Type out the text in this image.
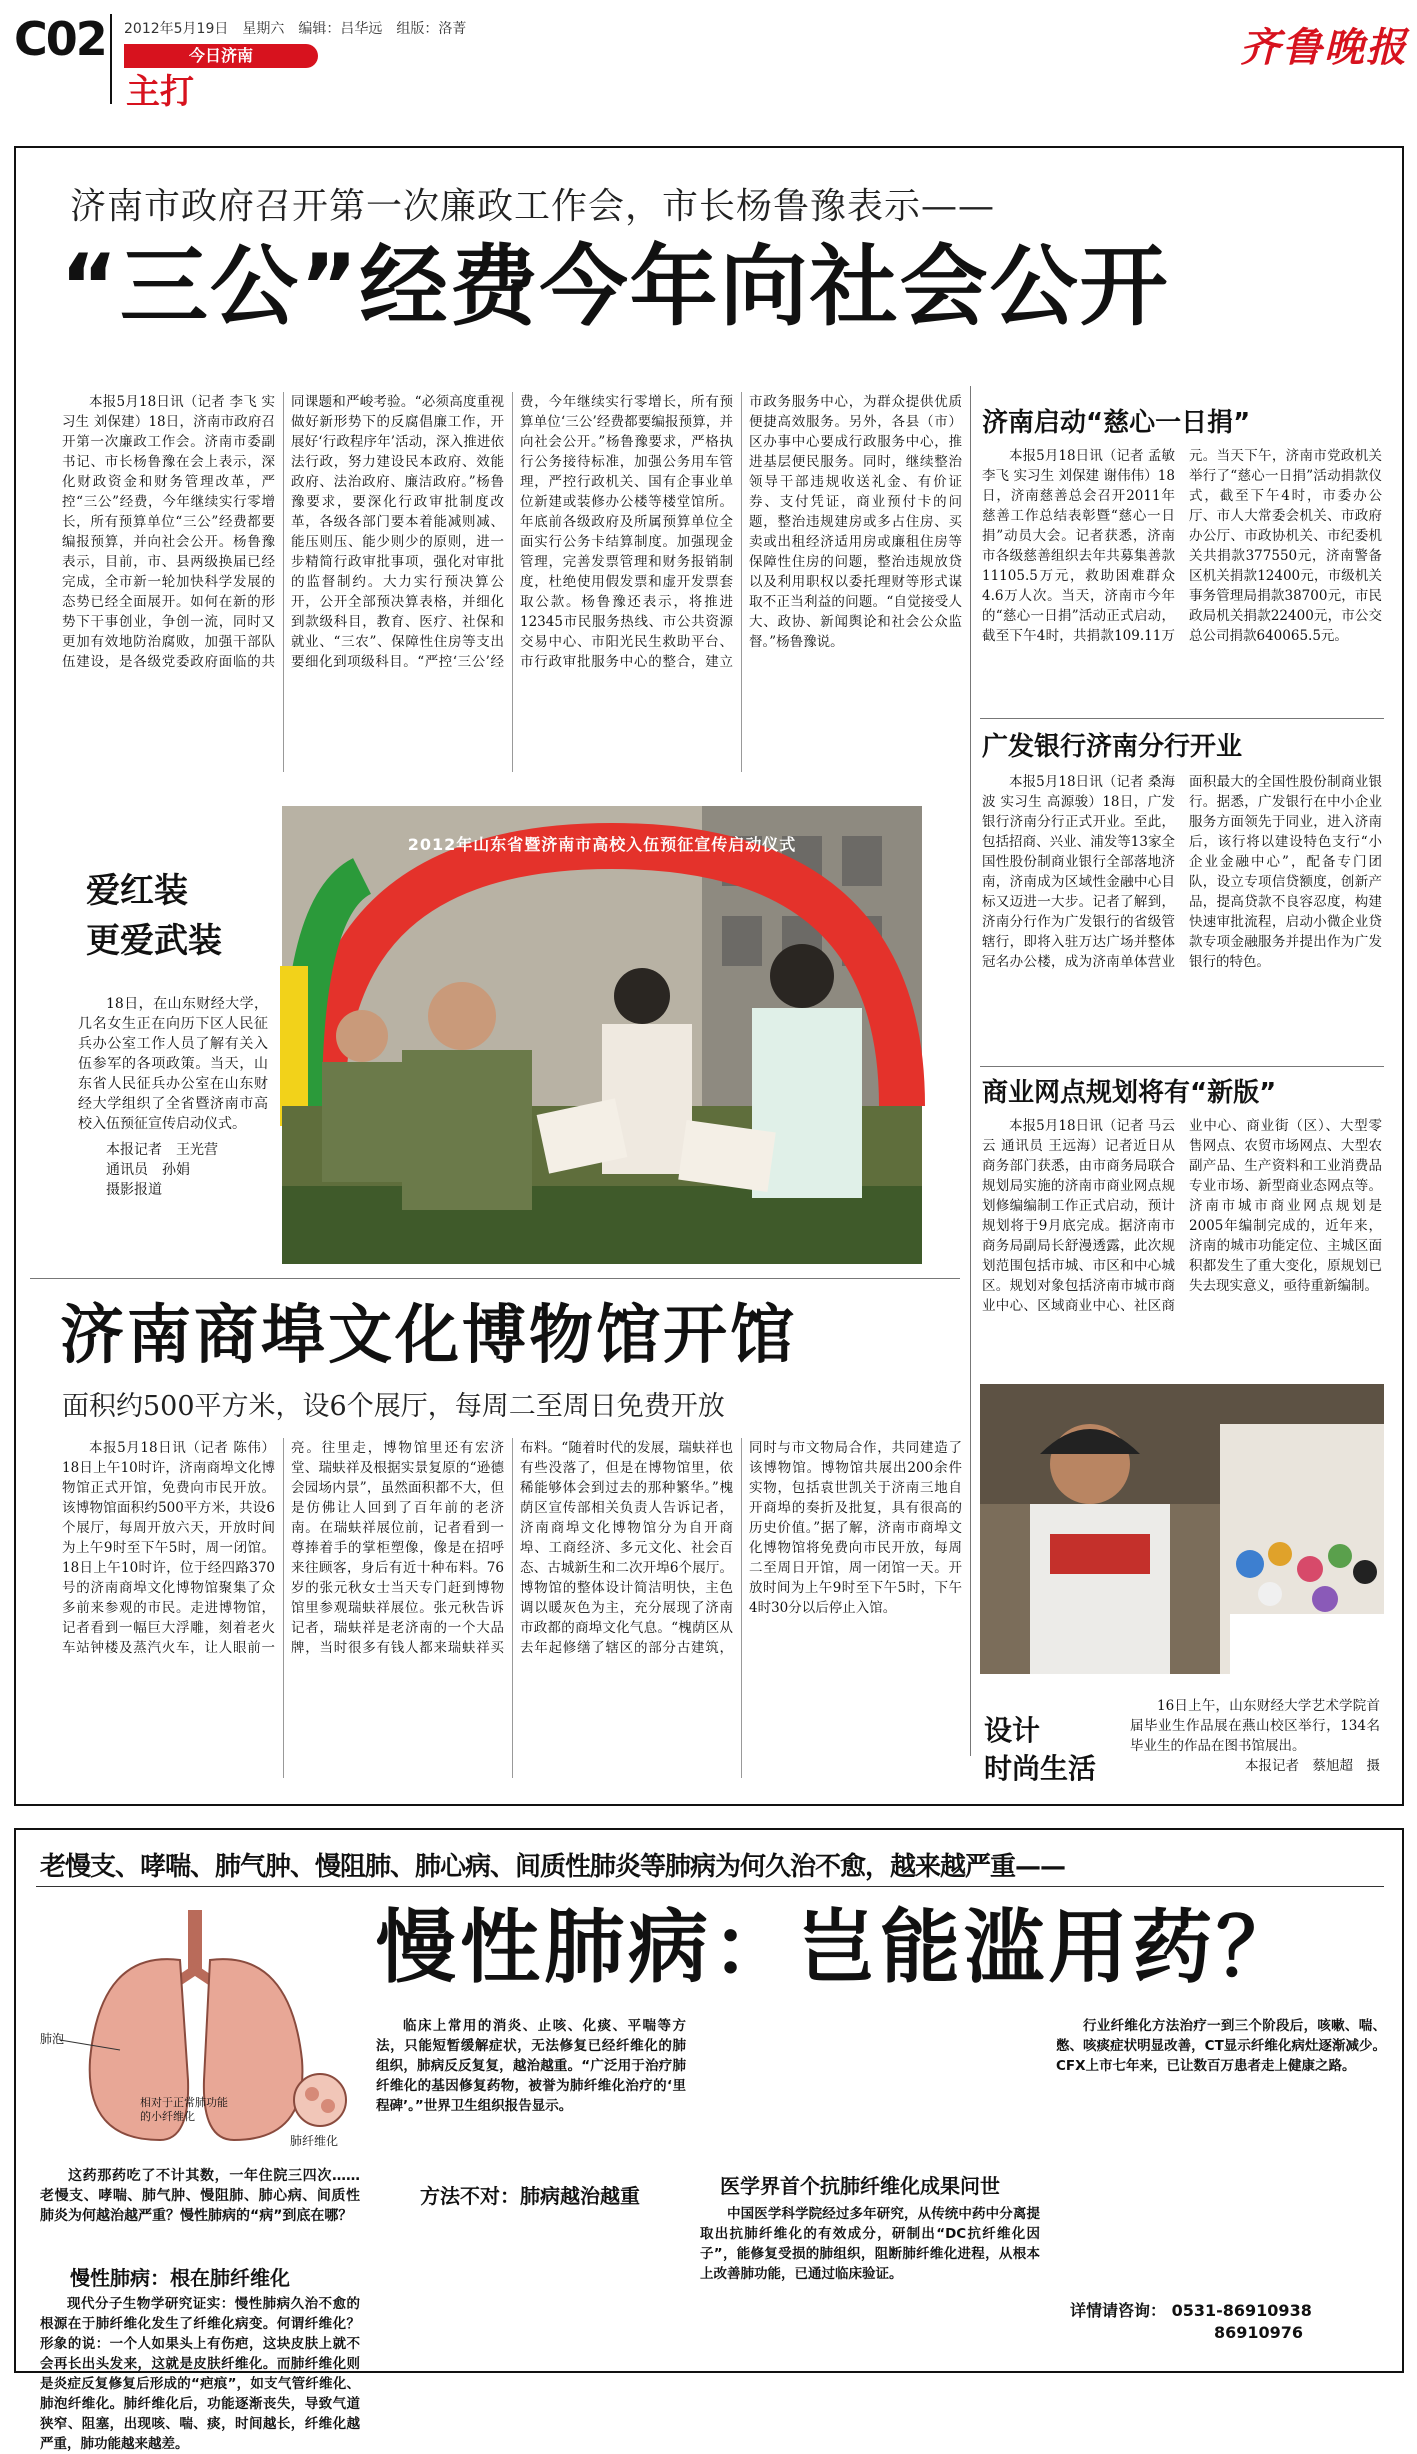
C02 2012年5月19日　星期六　编辑：吕华远　组版：洛菁
今日济南
主打
齐鲁晚报
济南市政府召开第一次廉政工作会，市长杨鲁豫表示——
“三公”经费今年向社会公开

本报5月18日讯（记者 李飞 实习生 刘保建）18日，济南市政府召开第一次廉政工作会。济南市委副书记、市长杨鲁豫在会上表示，深化财政资金和财务管理改革，严控“三公”经费，今年继续实行零增长，所有预算单位“三公”经费都要编报预算，并向社会公开。杨鲁豫表示，目前，市、县两级换届已经完成，全市新一轮加快科学发展的态势已经全面展开。如何在新的形势下干事创业，争创一流，同时又更加有效地防治腐败，加强干部队伍建设，是各级党委政府面临的共同课题和严峻考验。“必须高度重视做好新形势下的反腐倡廉工作，开展好‘行政程序年’活动，深入推进依法行政，努力建设民本政府、效能政府、法治政府、廉洁政府。”杨鲁豫要求，要深化行政审批制度改革，各级各部门要本着能减则减、能压则压、能少则少的原则，进一步精简行政审批事项，强化对审批的监督制约。大力实行预决算公开，公开全部预决算表格，并细化到款级科目，教育、医疗、社保和就业、“三农”、保障性住房等支出要细化到项级科目。“严控‘三公’经费，今年继续实行零增长，所有预算单位‘三公’经费都要编报预算，并向社会公开。”杨鲁豫要求，严格执行公务接待标准，加强公务用车管理，严控行政机关、国有企事业单位新建或装修办公楼等楼堂馆所。年底前各级政府及所属预算单位全面实行公务卡结算制度。加强现金管理，完善发票管理和财务报销制度，杜绝使用假发票和虚开发票套取公款。杨鲁豫还表示，将推进12345市民服务热线、市公共资源交易中心、市阳光民生救助平台、市行政审批服务中心的整合，建立市政务服务中心，为群众提供优质便捷高效服务。另外，各县（市）区办事中心要成行政服务中心，推进基层便民服务。同时，继续整治领导干部违规收送礼金、有价证券、支付凭证，商业预付卡的问题，整治违规建房或多占住房、买卖或出租经济适用房或廉租住房等保障性住房的问题，整治违规放贷以及利用职权以委托理财等形式谋取不正当利益的问题。“自觉接受人大、政协、新闻舆论和社会公众监督。”杨鲁豫说。

济南启动“慈心一日捐”

本报5月18日讯（记者 孟敏 李飞 实习生 刘保建 谢伟伟）18日，济南慈善总会召开2011年慈善工作总结表彰暨“慈心一日捐”动员大会。记者获悉，济南市各级慈善组织去年共募集善款11105.5万元，救助困难群众4.6万人次。当天，济南市今年的“慈心一日捐”活动正式启动，截至下午4时，共捐款109.11万元。当天下午，济南市党政机关举行了“慈心一日捐”活动捐款仪式，截至下午4时，市委办公厅、市人大常委会机关、市政府办公厅、市政协机关、市纪委机关共捐款377550元，济南警备区机关捐款12400元，市级机关事务管理局捐款38700元，市民政局机关捐款22400元，市公交总公司捐款640065.5元。

广发银行济南分行开业

本报5月18日讯（记者 桑海波 实习生 高源骏）18日，广发银行济南分行正式开业。至此，包括招商、兴业、浦发等13家全国性股份制商业银行全部落地济南，济南成为区域性金融中心目标又迈进一大步。记者了解到，济南分行作为广发银行的省级管辖行，即将入驻万达广场并整体冠名办公楼，成为济南单体营业面积最大的全国性股份制商业银行。据悉，广发银行在中小企业服务方面领先于同业，进入济南后，该行将以建设特色支行“小企业金融中心”，配备专门团队，设立专项信贷额度，创新产品，提高贷款不良容忍度，构建快速审批流程，启动小微企业贷款专项金融服务并提出作为广发银行的特色。

商业网点规划将有“新版”

本报5月18日讯（记者 马云云 通讯员 王远海）记者近日从商务部门获悉，由市商务局联合规划局实施的济南市商业网点规划修编编制工作正式启动，预计规划将于9月底完成。据济南市商务局副局长舒漫透露，此次规划范围包括市城、市区和中心城区。规划对象包括济南市城市商业中心、区域商业中心、社区商业中心、商业街（区）、大型零售网点、农贸市场网点、大型农副产品、生产资料和工业消费品专业市场、新型商业态网点等。济南市城市商业网点规划是2005年编制完成的，近年来，济南的城市功能定位、主城区面积都发生了重大变化，原规划已失去现实意义，亟待重新编制。

爱红装
更爱武装

18日，在山东财经大学，几名女生正在向历下区人民征兵办公室工作人员了解有关入伍参军的各项政策。当天，山东省人民征兵办公室在山东财经大学组织了全省暨济南市高校入伍预征宣传启动仪式。

本报记者　王光营
通讯员　孙娟
摄影报道
2012年山东省暨济南市高校入伍预征宣传启动仪式
济南商埠文化博物馆开馆
面积约500平方米，设6个展厅，每周二至周日免费开放

本报5月18日讯（记者 陈伟）18日上午10时许，济南商埠文化博物馆正式开馆，免费向市民开放。该博物馆面积约500平方米，共设6个展厅，每周开放六天，开放时间为上午9时至下午5时，周一闭馆。18日上午10时许，位于经四路370号的济南商埠文化博物馆聚集了众多前来参观的市民。走进博物馆，记者看到一幅巨大浮雕，刻着老火车站钟楼及蒸汽火车，让人眼前一亮。往里走，博物馆里还有宏济堂、瑞蚨祥及根据实景复原的“逊德会园场内景”，虽然面积都不大，但是仿佛让人回到了百年前的老济南。在瑞蚨祥展位前，记者看到一尊捧着手的掌柜塑像，像是在招呼来往顾客，身后有近十种布料。76岁的张元秋女士当天专门赶到博物馆里参观瑞蚨祥展位。张元秋告诉记者，瑞蚨祥是老济南的一个大品牌，当时很多有钱人都来瑞蚨祥买布料。“随着时代的发展，瑞蚨祥也有些没落了，但是在博物馆里，依稀能够体会到过去的那种繁华。”槐荫区宣传部相关负责人告诉记者，济南商埠文化博物馆分为自开商埠、工商经济、多元文化、社会百态、古城新生和二次开埠6个展厅。博物馆的整体设计简洁明快，主色调以暖灰色为主，充分展现了济南市政都的商埠文化气息。“槐荫区从去年起修缮了辖区的部分古建筑，同时与市文物局合作，共同建造了该博物馆。博物馆共展出200余件实物，包括袁世凯关于济南三地自开商埠的奏折及批复，具有很高的历史价值。”据了解，济南市商埠文化博物馆将免费向市民开放，每周二至周日开馆，周一闭馆一天。开放时间为上午9时至下午5时，下午4时30分以后停止入馆。

设计
时尚生活

16日上午，山东财经大学艺术学院首届毕业生作品展在燕山校区举行，134名毕业生的作品在图书馆展出。

本报记者　蔡旭超　摄
老慢支、哮喘、肺气肿、慢阻肺、肺心病、间质性肺炎等肺病为何久治不愈，越来越严重——
慢性肺病：岂能滥用药？
肺泡
相对于正常肺功能的小纤维化
肺纤维化

这药那药吃了不计其数，一年住院三四次……老慢支、哮喘、肺气肿、慢阻肺、肺心病、间质性肺炎为何越治越严重？慢性肺病的“病”到底在哪？

慢性肺病：根在肺纤维化

现代分子生物学研究证实：慢性肺病久治不愈的根源在于肺纤维化发生了纤维化病变。何谓纤维化？形象的说：一个人如果头上有伤疤，这块皮肤上就不会再长出头发来，这就是皮肤纤维化。而肺纤维化则是炎症反复修复后形成的“疤痕”，如支气管纤维化、肺泡纤维化。肺纤维化后，功能逐渐丧失，导致气道狭窄、阻塞，出现咳、喘、痰，时间越长，纤维化越严重，肺功能越来越差。

临床上常用的消炎、止咳、化痰、平喘等方法，只能短暂缓解症状，无法修复已经纤维化的肺组织，肺病反反复复，越治越重。“广泛用于治疗肺纤维化的基因修复药物，被誉为肺纤维化治疗的‘里程碑’。”世界卫生组织报告显示。

方法不对：肺病越治越重	医学界首个抗肺纤维化成果问世

中国医学科学院经过多年研究，从传统中药中分离提取出抗肺纤维化的有效成分，研制出“DC抗纤维化因子”，能修复受损的肺组织，阻断肺纤维化进程，从根本上改善肺功能，已通过临床验证。

行业纤维化方法治疗一到三个阶段后，咳嗽、喘、憋、咳痰症状明显改善，CT显示纤维化病灶逐渐减少。CFX上市七年来，已让数百万患者走上健康之路。

详情请咨询： 0531-86910938
86910976
